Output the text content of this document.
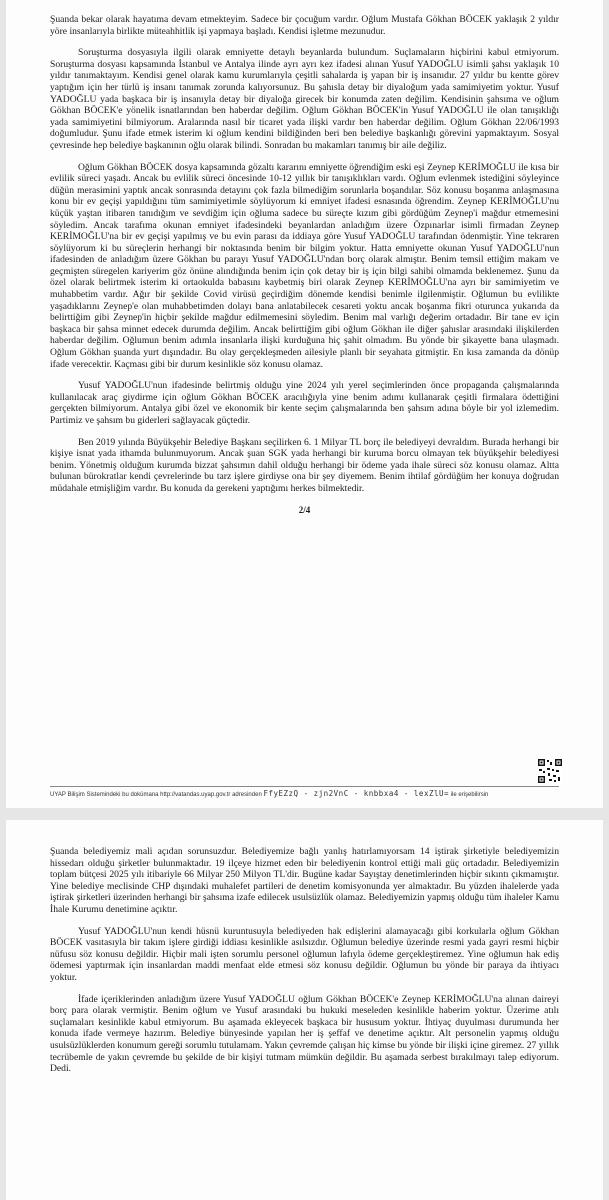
Şuanda bekar olarak hayatıma devam etmekteyim. Sadece bir çocuğum vardır. Oğlum Mustafa Gökhan BÖCEK yaklaşık 2 yıldır yöre insanlarıyla birlikte müteahhitlik işi yapmaya başladı. Kendisi işletme mezunudur.

Soruşturma dosyasıyla ilgili olarak emniyette detaylı beyanlarda bulundum. Suçlamaların hiçbirini kabul etmiyorum. Soruşturma dosyası kapsamında İstanbul ve Antalya ilinde ayrı ayrı kez ifadesi alınan Yusuf YADOĞLU isimli şahsı yaklaşık 10 yıldır tanımaktayım. Kendisi genel olarak kamu kurumlarıyla çeşitli sahalarda iş yapan bir iş insanıdır. 27 yıldır bu kentte görev yaptığım için her türlü iş insanı tanımak zorunda kalıyorsunuz. Bu şahısla detay bir diyaloğum yada samimiyetim yoktur. Yusuf YADOĞLU yada başkaca bir iş insanıyla detay bir diyaloğa girecek bir konumda zaten değilim. Kendisinin şahsıma ve oğlum Gökhan BÖCEK'e yönelik isnatlarından ben haberdar değilim. Oğlum Gökhan BÖCEK'in Yusuf YADOĞLU ile olan tanışıklığı yada samimiyetini bilmiyorum. Aralarında nasıl bir ticaret yada ilişki vardır ben haberdar değilim. Oğlum Gökhan 22/06/1993 doğumludur. Şunu ifade etmek isterim ki oğlum kendini bildiğinden beri ben belediye başkanlığı görevini yapmaktayım. Sosyal çevresinde hep belediye başkanının oğlu olarak bilindi. Sonradan bu makamları tanımış bir aile değiliz.

Oğlum Gökhan BÖCEK dosya kapsamında gözaltı kararını emniyette öğrendiğim eski eşi Zeynep KERİMOĞLU ile kısa bir evlilik süreci yaşadı. Ancak bu evlilik süreci öncesinde 10-12 yıllık bir tanışıklıkları vardı. Oğlum evlenmek istediğini söyleyince düğün merasimini yaptık ancak sonrasında detayını çok fazla bilmediğim sorunlarla boşandılar. Söz konusu boşanma anlaşmasına konu bir ev geçişi yapıldığını tüm samimiyetimle söylüyorum ki emniyet ifadesi esnasında öğrendim. Zeynep KERİMOĞLU'nu küçük yaştan itibaren tanıdığım ve sevdiğim için oğluma sadece bu süreçte kızım gibi gördüğüm Zeynep'i mağdur etmemesini söyledim. Ancak tarafıma okunan emniyet ifadesindeki beyanlardan anladığım üzere Özpınarlar isimli firmadan Zeynep KERİMOĞLU'na bir ev geçişi yapılmış ve bu evin parası da iddiaya göre Yusuf YADOĞLU tarafından ödenmiştir. Yine tekraren söylüyorum ki bu süreçlerin herhangi bir noktasında benim bir bilgim yoktur. Hatta emniyette okunan Yusuf YADOĞLU'nun ifadesinden de anladığım üzere Gökhan bu parayı Yusuf YADOĞLU'ndan borç olarak almıştır. Benim temsil ettiğim makam ve geçmişten süregelen kariyerim göz önüne alındığında benim için çok detay bir iş için bilgi sahibi olmamda beklenemez. Şunu da özel olarak belirtmek isterim ki ortaokulda babasını kaybetmiş biri olarak Zeynep KERİMOĞLU'na ayrı bir samimiyetim ve muhabbetim vardır. Ağır bir şekilde Covid virüsü geçirdiğim dönemde kendisi benimle ilgilenmiştir. Oğlumun bu evlilikte yaşadıklarını Zeynep'e olan muhabbetimden dolayı bana anlatabilecek cesareti yoktu ancak boşanma fikri oturunca yukarıda da belirttiğim gibi Zeynep'in hiçbir şekilde mağdur edilmemesini söyledim. Benim mal varlığı değerim ortadadır. Bir tane ev için başkaca bir şahsa minnet edecek durumda değilim. Ancak belirttiğim gibi oğlum Gökhan ile diğer şahıslar arasındaki ilişkilerden haberdar değilim. Oğlumun benim adımla insanlarla ilişki kurduğuna hiç şahit olmadım. Bu yönde bir şikayette bana ulaşmadı. Oğlum Gökhan şuanda yurt dışındadır. Bu olay gerçekleşmeden ailesiyle planlı bir seyahata gitmiştir. En kısa zamanda da dönüp ifade verecektir. Kaçması gibi bir durum kesinlikle söz konusu olamaz.

Yusuf YADOĞLU'nun ifadesinde belirtmiş olduğu yine 2024 yılı yerel seçimlerinden önce propaganda çalışmalarında kullanılacak araç giydirme için oğlum Gökhan BÖCEK aracılığıyla yine benim adımı kullanarak çeşitli firmalara ödettiğini gerçekten bilmiyorum. Antalya gibi özel ve ekonomik bir kente seçim çalışmalarında ben şahsım adına böyle bir yol izlemedim. Partimiz ve şahsım bu giderleri sağlayacak güçtedir.

Ben 2019 yılında Büyükşehir Belediye Başkanı seçilirken 6. 1 Milyar TL borç ile belediyeyi devraldım. Burada herhangi bir kişiye isnat yada ithamda bulunmuyorum. Ancak şuan SGK yada herhangi bir kuruma borcu olmayan tek büyükşehir belediyesi benim. Yönetmiş olduğum kurumda bizzat şahsımın dahil olduğu herhangi bir ödeme yada ihale süreci söz konusu olamaz. Altta bulunan bürokratlar kendi çevrelerinde bu tarz işlere girdiyse ona bir şey diyemem. Benim ihtilaf gördüğüm her konuya doğrudan müdahale etmişliğim vardır. Bu konuda da gerekeni yaptığımı herkes bilmektedir.

2/4
UYAP Bilişim Sistemindeki bu dokümana http://vatandas.uyap.gov.tr adresinden FfyEZzQ - zjn2VnC - knbbxa4 - lexZlU= ile erişebilirsin

Şuanda belediyemiz mali açıdan sorunsuzdur. Belediyemize bağlı yanlış hatırlamıyorsam 14 iştirak şirketiyle belediyemizin hissedarı olduğu şirketler bulunmaktadır. 19 ilçeye hizmet eden bir belediyenin kontrol ettiği mali güç ortadadır. Belediyemizin toplam bütçesi 2025 yılı itibariyle 66 Milyar 250 Milyon TL'dir. Bugüne kadar Sayıştay denetimlerinden hiçbir sıkıntı çıkmamıştır. Yine belediye meclisinde CHP dışındaki muhalefet partileri de denetim komisyonunda yer almaktadır. Bu yüzden ihalelerde yada iştirak şirketleri üzerinden herhangi bir şahsıma izafe edilecek usulsüzlük olamaz. Belediyemizin yapmış olduğu tüm ihaleler Kamu İhale Kurumu denetimine açıktır.

Yusuf YADOĞLU'nun kendi hüsnü kuruntusuyla belediyeden hak edişlerini alamayacağı gibi korkularla oğlum Gökhan BÖCEK vasıtasıyla bir takım işlere girdiği iddiası kesinlikle asılsızdır. Oğlumun belediye üzerinde resmi yada gayri resmi hiçbir nüfusu söz konusu değildir. Hiçbir mali işten sorumlu personel oğlumun lafıyla ödeme gerçekleştiremez. Yine oğlumun hak ediş ödemesi yaptırmak için insanlardan maddi menfaat elde etmesi söz konusu değildir. Oğlumun bu yönde bir paraya da ihtiyacı yoktur.

İfade içeriklerinden anladığım üzere Yusuf YADOĞLU oğlum Gökhan BÖCEK'e Zeynep KERİMOĞLU'na alınan daireyi borç para olarak vermiştir. Benim oğlum ve Yusuf arasındaki bu hukuki meseleden kesinlikle haberim yoktur. Üzerime atılı suçlamaları kesinlikle kabul etmiyorum. Bu aşamada ekleyecek başkaca bir hususum yoktur. İhtiyaç duyulması durumunda her konuda ifade vermeye hazırım. Belediye bünyesinde yapılan her iş şeffaf ve denetime açıktır. Alt personelin yapmış olduğu usulsüzlüklerden konumum gereği sorumlu tutulamam. Yakın çevremde çalışan hiç kimse bu yönde bir ilişki içine giremez. 27 yıllık tecrübemle de yakın çevremde bu şekilde de bir kişiyi tutmam mümkün değildir. Bu aşamada serbest bırakılmayı talep ediyorum. Dedi.
